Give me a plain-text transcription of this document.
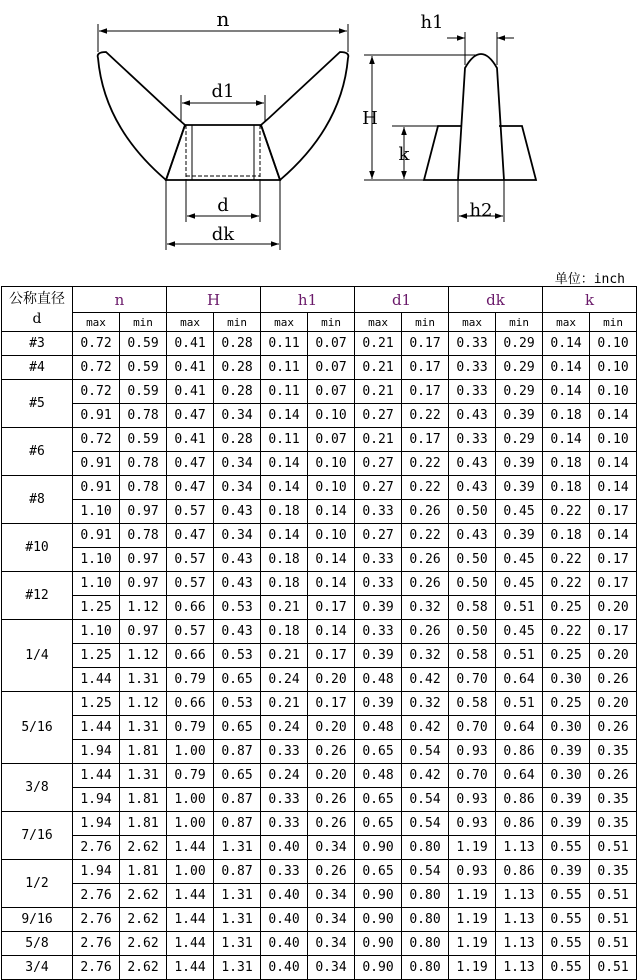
n
d1
d
dk
h1
H
k
h2
单位：inch
公称直径
d	n		H		h1		d1		dk		k	
	max	min	max	min	max	min	max	min	max	min	max	min
#3	0.72	0.59	0.41	0.28	0.11	0.07	0.21	0.17	0.33	0.29	0.14	0.10
#4	0.72	0.59	0.41	0.28	0.11	0.07	0.21	0.17	0.33	0.29	0.14	0.10
#5	0.72	0.59	0.41	0.28	0.11	0.07	0.21	0.17	0.33	0.29	0.14	0.10
	0.91	0.78	0.47	0.34	0.14	0.10	0.27	0.22	0.43	0.39	0.18	0.14
#6	0.72	0.59	0.41	0.28	0.11	0.07	0.21	0.17	0.33	0.29	0.14	0.10
	0.91	0.78	0.47	0.34	0.14	0.10	0.27	0.22	0.43	0.39	0.18	0.14
#8	0.91	0.78	0.47	0.34	0.14	0.10	0.27	0.22	0.43	0.39	0.18	0.14
	1.10	0.97	0.57	0.43	0.18	0.14	0.33	0.26	0.50	0.45	0.22	0.17
#10	0.91	0.78	0.47	0.34	0.14	0.10	0.27	0.22	0.43	0.39	0.18	0.14
	1.10	0.97	0.57	0.43	0.18	0.14	0.33	0.26	0.50	0.45	0.22	0.17
#12	1.10	0.97	0.57	0.43	0.18	0.14	0.33	0.26	0.50	0.45	0.22	0.17
	1.25	1.12	0.66	0.53	0.21	0.17	0.39	0.32	0.58	0.51	0.25	0.20
1/4	1.10	0.97	0.57	0.43	0.18	0.14	0.33	0.26	0.50	0.45	0.22	0.17
	1.25	1.12	0.66	0.53	0.21	0.17	0.39	0.32	0.58	0.51	0.25	0.20
	1.44	1.31	0.79	0.65	0.24	0.20	0.48	0.42	0.70	0.64	0.30	0.26
5/16	1.25	1.12	0.66	0.53	0.21	0.17	0.39	0.32	0.58	0.51	0.25	0.20
	1.44	1.31	0.79	0.65	0.24	0.20	0.48	0.42	0.70	0.64	0.30	0.26
	1.94	1.81	1.00	0.87	0.33	0.26	0.65	0.54	0.93	0.86	0.39	0.35
3/8	1.44	1.31	0.79	0.65	0.24	0.20	0.48	0.42	0.70	0.64	0.30	0.26
	1.94	1.81	1.00	0.87	0.33	0.26	0.65	0.54	0.93	0.86	0.39	0.35
7/16	1.94	1.81	1.00	0.87	0.33	0.26	0.65	0.54	0.93	0.86	0.39	0.35
	2.76	2.62	1.44	1.31	0.40	0.34	0.90	0.80	1.19	1.13	0.55	0.51
1/2	1.94	1.81	1.00	0.87	0.33	0.26	0.65	0.54	0.93	0.86	0.39	0.35
	2.76	2.62	1.44	1.31	0.40	0.34	0.90	0.80	1.19	1.13	0.55	0.51
9/16	2.76	2.62	1.44	1.31	0.40	0.34	0.90	0.80	1.19	1.13	0.55	0.51
5/8	2.76	2.62	1.44	1.31	0.40	0.34	0.90	0.80	1.19	1.13	0.55	0.51
3/4	2.76	2.62	1.44	1.31	0.40	0.34	0.90	0.80	1.19	1.13	0.55	0.51
